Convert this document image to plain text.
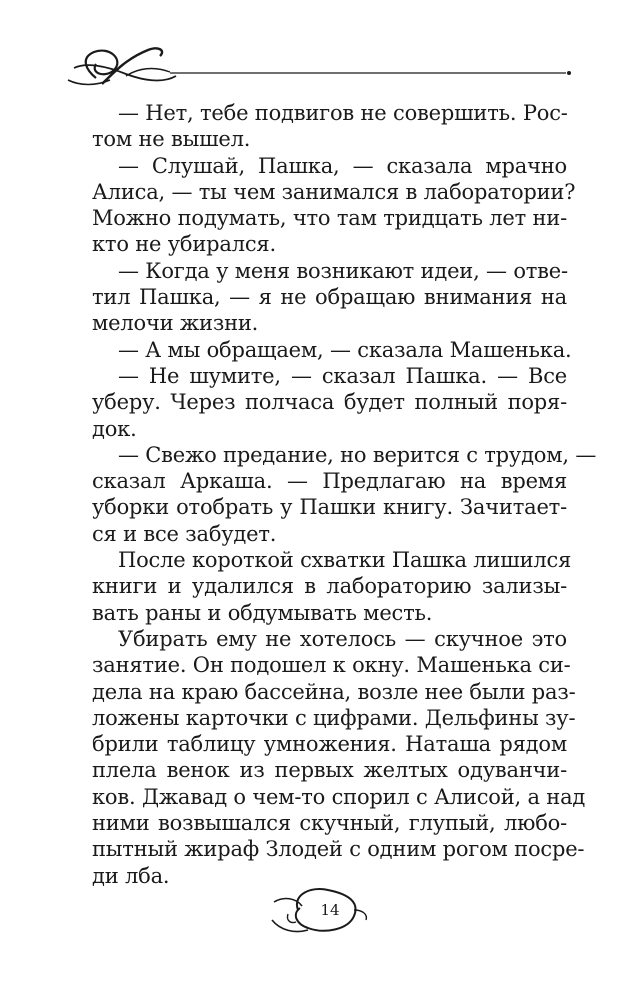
— Нет, тебе подвигов не совершить. Рос-
том не вышел.
— Слушай, Пашка, — сказала мрачно
Алиса, — ты чем занимался в лаборатории?
Можно подумать, что там тридцать лет ни-
кто не убирался.
— Когда у меня возникают идеи, — отве-
тил Пашка, — я не обращаю внимания на
мелочи жизни.
— А мы обращаем, — сказала Машенька.
— Не шумите, — сказал Пашка. — Все
уберу. Через полчаса будет полный поря-
док.
— Свежо предание, но верится с трудом, —
сказал Аркаша. — Предлагаю на время
уборки отобрать у Пашки книгу. Зачитает-
ся и все забудет.
После короткой схватки Пашка лишился
книги и удалился в лабораторию зализы-
вать раны и обдумывать месть.
Убирать ему не хотелось — скучное это
занятие. Он подошел к окну. Машенька си-
дела на краю бассейна, возле нее были раз-
ложены карточки с цифрами. Дельфины зу-
брили таблицу умножения. Наташа рядом
плела венок из первых желтых одуванчи-
ков. Джавад о чем-то спорил с Алисой, а над
ними возвышался скучный, глупый, любо-
пытный жираф Злодей с одним рогом посре-
ди лба.
14
